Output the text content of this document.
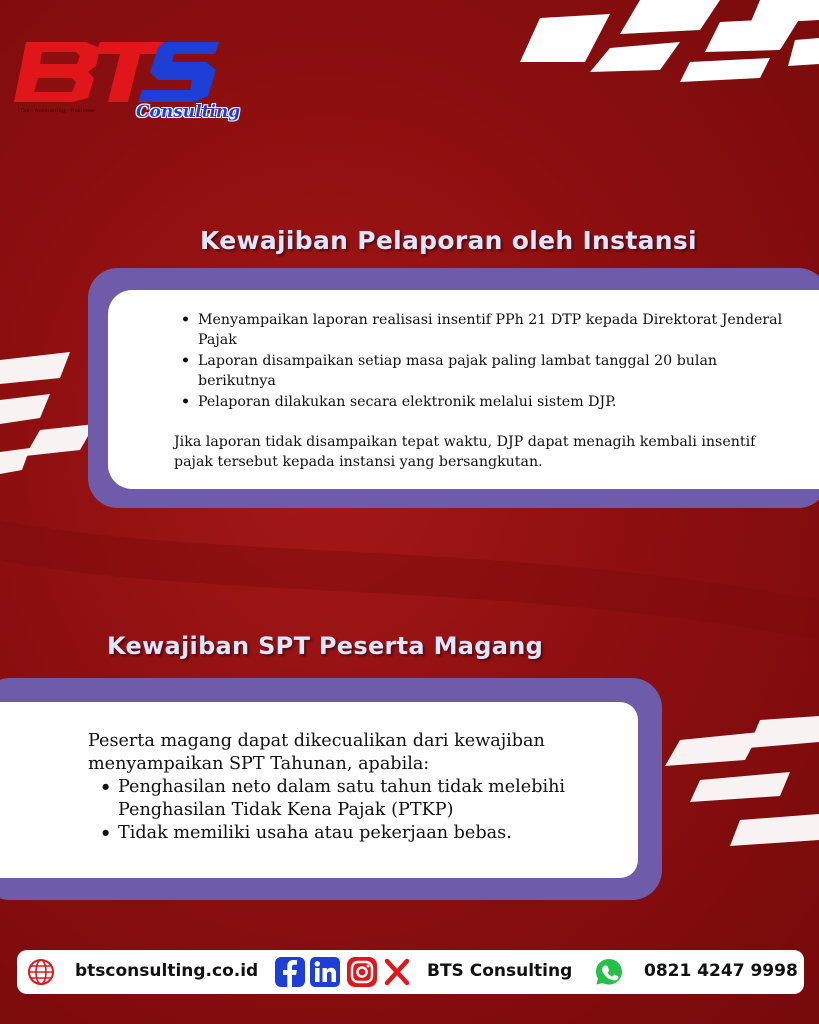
Tax · Accounting · Business	Consulting
Kewajiban Pelaporan oleh Instansi
• Menyampaikan laporan realisasi insentif PPh 21 DTP kepada Direktorat Jenderal Pajak
• Laporan disampaikan setiap masa pajak paling lambat tanggal 20 bulan berikutnya
• Pelaporan dilakukan secara elektronik melalui sistem DJP.

Jika laporan tidak disampaikan tepat waktu, DJP dapat menagih kembali insentif pajak tersebut kepada instansi yang bersangkutan.

Kewajiban SPT Peserta Magang

Peserta magang dapat dikecualikan dari kewajiban menyampaikan SPT Tahunan, apabila:

• Penghasilan neto dalam satu tahun tidak melebihi Penghasilan Tidak Kena Pajak (PTKP)
• Tidak memiliki usaha atau pekerjaan bebas.
btsconsulting.co.id	BTS Consulting	0821 4247 9998
